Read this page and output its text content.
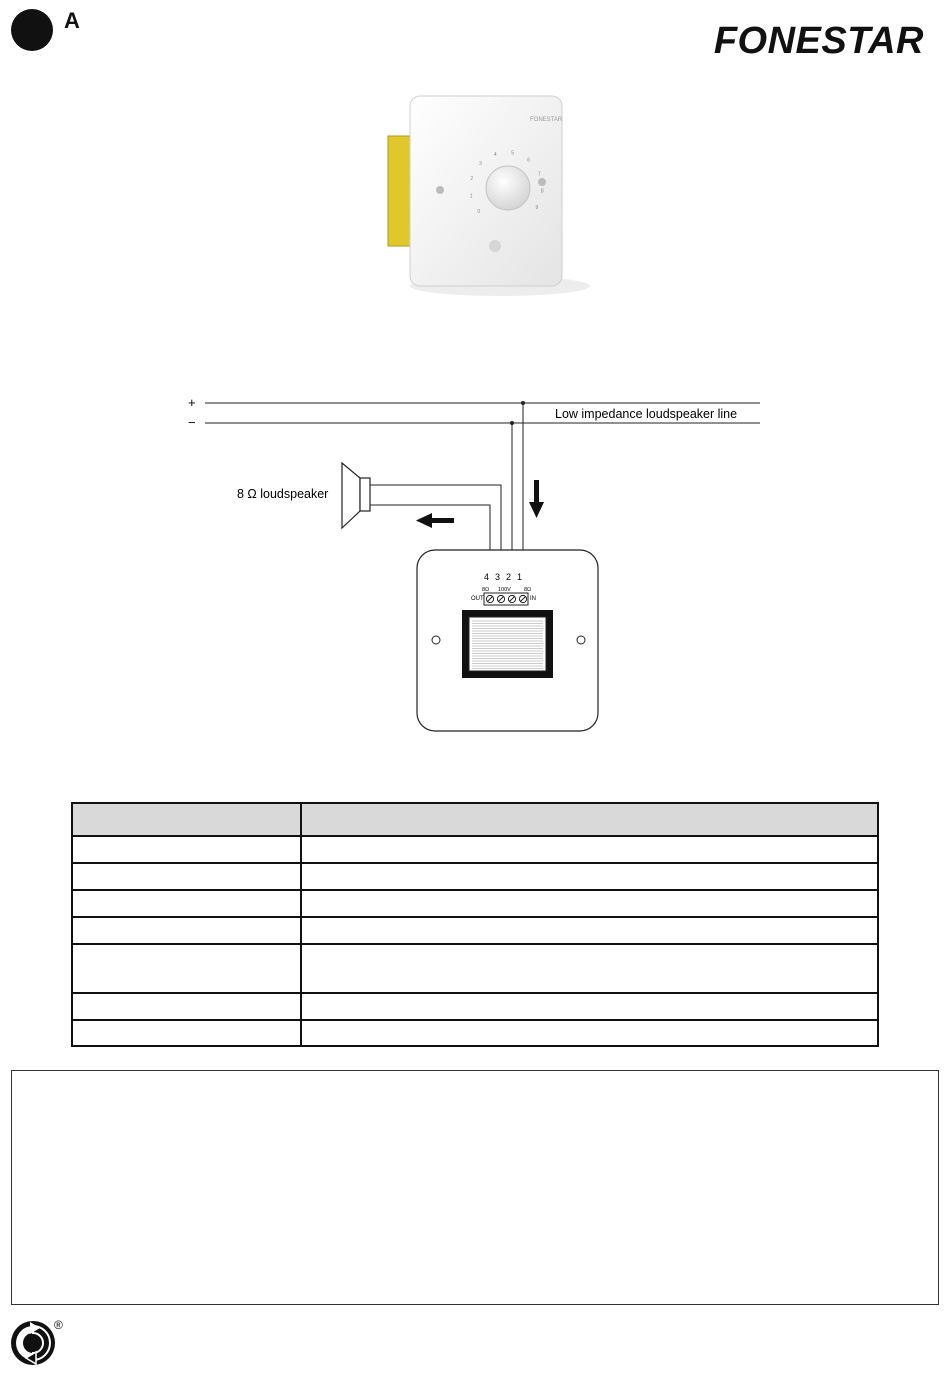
A	FONESTAR
FONESTAR
0
1
2
3
4	5
6
7
8
9
+
−
Low impedance loudspeaker line
8 Ω loudspeaker
4 3 2 1
8Ω 100V 8Ω
OUT	IN
®
